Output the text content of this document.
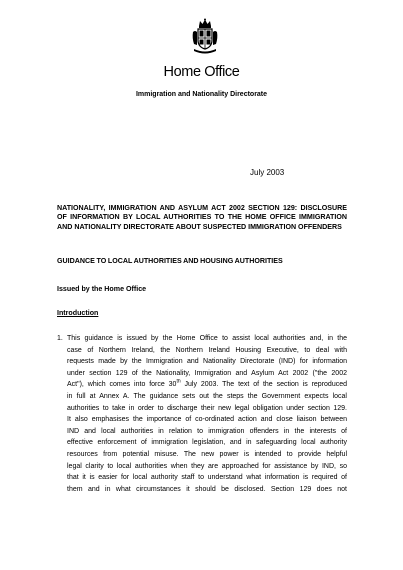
Home Office
Immigration and Nationality Directorate
July 2003
NATIONALITY, IMMIGRATION AND ASYLUM ACT 2002 SECTION 129: DISCLOSURE OF INFORMATION BY LOCAL AUTHORITIES TO THE HOME OFFICE IMMIGRATION AND NATIONALITY DIRECTORATE ABOUT SUSPECTED IMMIGRATION OFFENDERS
GUIDANCE TO LOCAL AUTHORITIES AND HOUSING AUTHORITIES
Issued by the Home Office
Introduction
1. This guidance is issued by the Home Office to assist local authorities and, in the
case of Northern Ireland, the Northern Ireland Housing Executive, to deal with
requests made by the Immigration and Nationality Directorate (IND) for information
under section 129 of the Nationality, Immigration and Asylum Act 2002 ("the 2002
Act"), which comes into force 30th July 2003. The text of the section is reproduced
in full at Annex A. The guidance sets out the steps the Government expects local
authorities to take in order to discharge their new legal obligation under section 129.
It also emphasises the importance of co-ordinated action and close liaison between
IND and local authorities in relation to immigration offenders in the interests of
effective enforcement of immigration legislation, and in safeguarding local authority
resources from potential misuse. The new power is intended to provide helpful
legal clarity to local authorities when they are approached for assistance by IND, so
that it is easier for local authority staff to understand what information is required of
them and in what circumstances it should be disclosed. Section 129 does not
